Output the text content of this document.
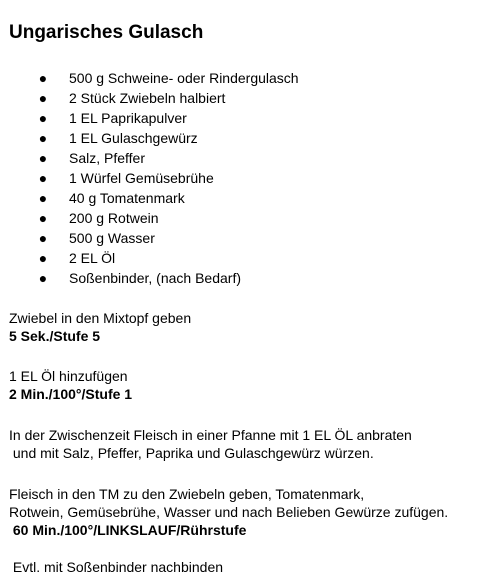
Ungarisches Gulasch
● 500 g Schweine- oder Rindergulasch
● 2 Stück Zwiebeln halbiert
● 1 EL Paprikapulver
● 1 EL Gulaschgewürz
● Salz, Pfeffer
● 1 Würfel Gemüsebrühe
● 40 g Tomatenmark
● 200 g Rotwein
● 500 g Wasser
● 2 EL Öl
● Soßenbinder, (nach Bedarf)
Zwiebel in den Mixtopf geben
5 Sek./Stufe 5
1 EL Öl hinzufügen
2 Min./100°/Stufe 1
In der Zwischenzeit Fleisch in einer Pfanne mit 1 EL ÖL anbraten
und mit Salz, Pfeffer, Paprika und Gulaschgewürz würzen.
Fleisch in den TM zu den Zwiebeln geben, Tomatenmark,
Rotwein, Gemüsebrühe, Wasser und nach Belieben Gewürze zufügen.
60 Min./100°/LINKSLAUF/Rührstufe
Evtl. mit Soßenbinder nachbinden
